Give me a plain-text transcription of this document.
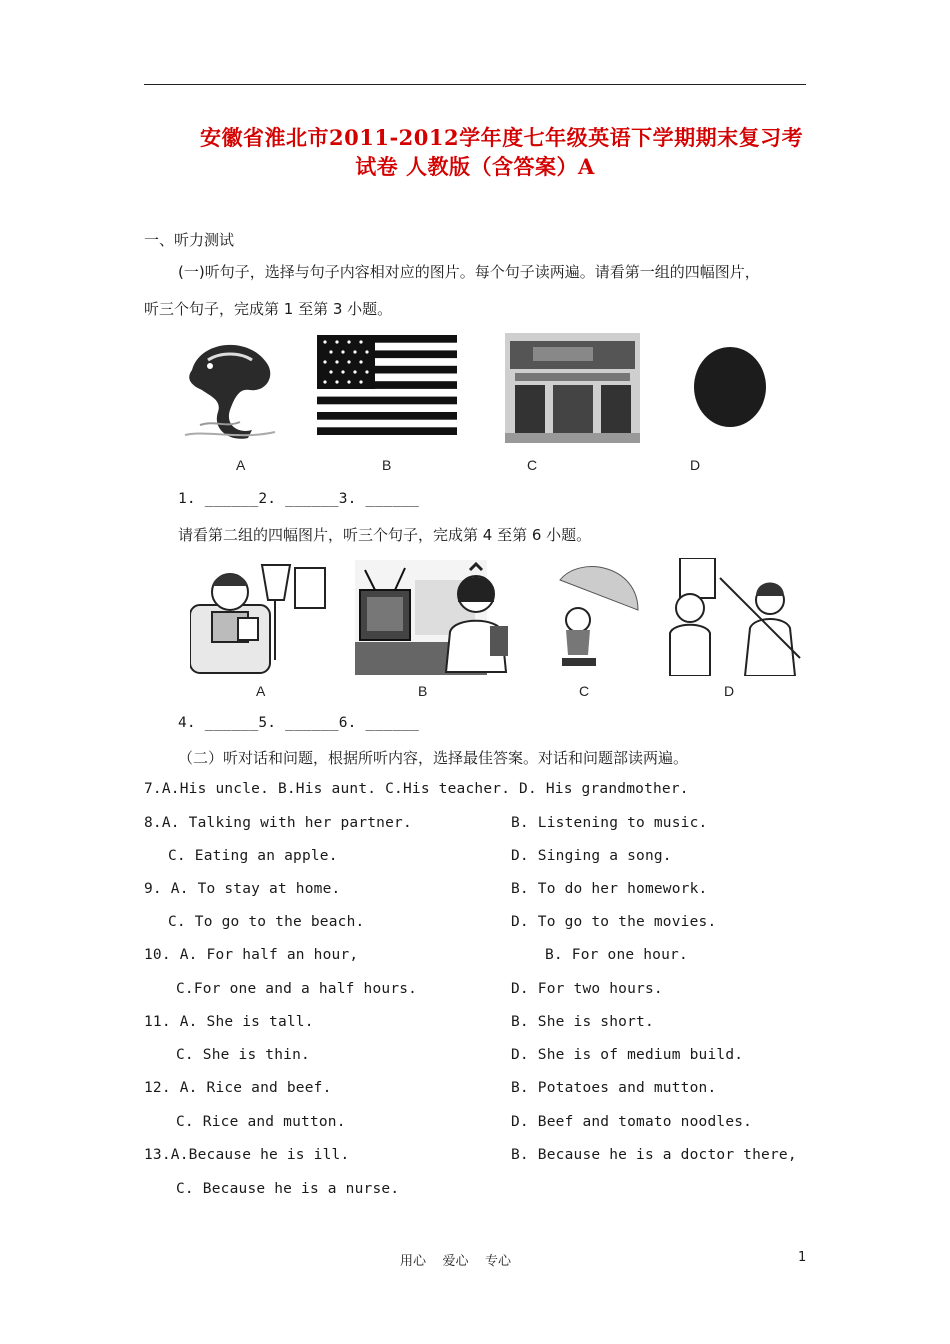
安徽省淮北市2011-2012学年度七年级英语下学期期末复习考
试卷 人教版（含答案）A
一、听力测试
(一)听句子，选择与句子内容相对应的图片。每个句子读两遍。请看第一组的四幅图片，
听三个句子，完成第 1 至第 3 小题。
A	B	C	D
1. ______2. ______3. ______
请看第二组的四幅图片，听三个句子，完成第 4 至第 6 小题。
A	B	C	D
4. ______5. ______6. ______
（二）听对话和问题，根据所听内容，选择最佳答案。对话和问题部读两遍。
7.A.His uncle. B.His aunt. C.His teacher. D. His grandmother.
8.A. Talking with her partner.	B. Listening to music.
C. Eating an apple.	D. Singing a song.
9. A. To stay at home.	B. To do her homework.
C. To go to the beach.	D. To go to the movies.
10. A. For half an hour,	B. For one hour.
C.For one and a half hours.	D. For two hours.
11. A. She is tall.	B. She is short.
C. She is thin.	D. She is of medium build.
12. A. Rice and beef.	B. Potatoes and mutton.
C. Rice and mutton.	D. Beef and tomato noodles.
13.A.Because he is ill.	B. Because he is a doctor there,
C. Because he is a nurse.
用心    爱心    专心	1
